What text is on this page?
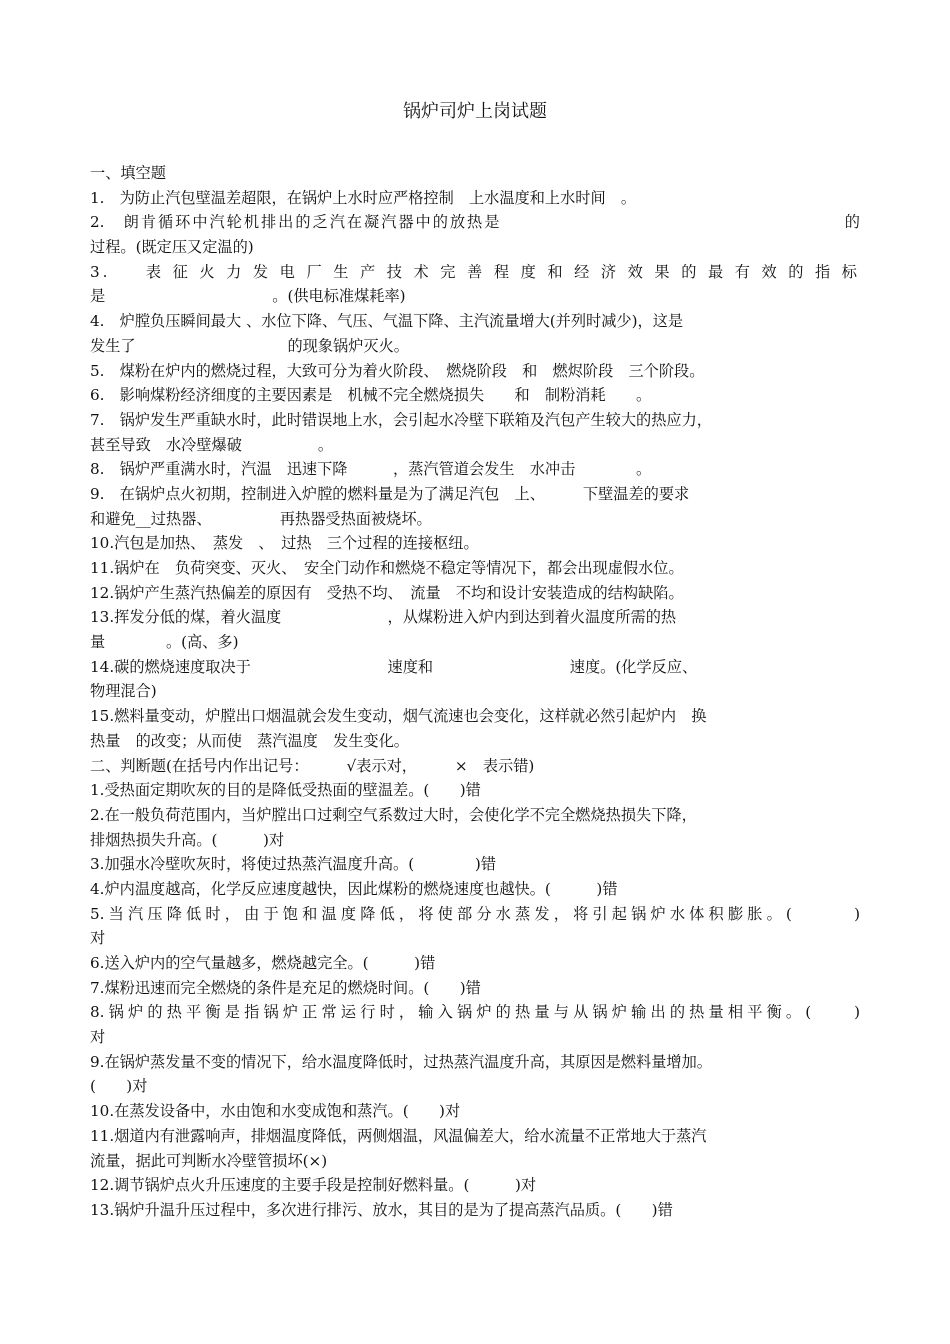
锅炉司炉上岗试题
一、填空题
1.　为防止汽包壁温差超限，在锅炉上水时应严格控制　上水温度和上水时间　。
2.　朗肯循环中汽轮机排出的乏汽在凝汽器中的放热是　　　　　　　　　　　　　　　　　　　　的
过程。(既定压又定温的)
3.　表征火力发电厂生产技术完善程度和经济效果的最有效的指标
是　　　　　　　　　　　。(供电标准煤耗率)
4.　炉膛负压瞬间最大 、水位下降、气压、气温下降、主汽流量增大(并列时减少)，这是
发生了　　　　　　　　　　的现象锅炉灭火。
5.　煤粉在炉内的燃烧过程，大致可分为着火阶段、　燃烧阶段　和　燃烬阶段　三个阶段。
6.　影响煤粉经济细度的主要因素是　机械不完全燃烧损失　　和　制粉消耗　　。
7.　锅炉发生严重缺水时，此时错误地上水，会引起水冷壁下联箱及汽包产生较大的热应力，
甚至导致　水冷壁爆破　　　　　。
8.　锅炉严重满水时，汽温　迅速下降　　　，蒸汽管道会发生　水冲击　　　　。
9.　在锅炉点火初期，控制进入炉膛的燃料量是为了满足汽包　上、　　　下壁温差的要求
和避免__过热器、　　　　　再热器受热面被烧坏。
10.汽包是加热、　蒸发　、　过热　三个过程的连接枢纽。
11.锅炉在　负荷突变、灭火、　安全门动作和燃烧不稳定等情况下，都会出现虚假水位。
12.锅炉产生蒸汽热偏差的原因有　受热不均、　流量　不均和设计安装造成的结构缺陷。
13.挥发分低的煤，着火温度　　　　　　　，从煤粉进入炉内到达到着火温度所需的热
量　　　　。(高、多)
14.碳的燃烧速度取决于　　　　　　　　　速度和　　　　　　　　　速度。(化学反应、
物理混合)
15.燃料量变动，炉膛出口烟温就会发生变动，烟气流速也会变化，这样就必然引起炉内　换
热量　的改变；从而使　蒸汽温度　发生变化。
二、判断题(在括号内作出记号：　　　√表示对，　　　×　表示错)
1.受热面定期吹灰的目的是降低受热面的壁温差。(　　)错
2.在一般负荷范围内，当炉膛出口过剩空气系数过大时，会使化学不完全燃烧热损失下降，
排烟热损失升高。(　　　)对
3.加强水冷壁吹灰时，将使过热蒸汽温度升高。(　　　　)错
4.炉内温度越高，化学反应速度越快，因此煤粉的燃烧速度也越快。(　　　)错
5.当汽压降低时，由于饱和温度降低，将使部分水蒸发，将引起锅炉水体积膨胀。(　　　)
对
6.送入炉内的空气量越多，燃烧越完全。(　　　)错
7.煤粉迅速而完全燃烧的条件是充足的燃烧时间。(　　)错
8.锅炉的热平衡是指锅炉正常运行时，输入锅炉的热量与从锅炉输出的热量相平衡。(　　)
对
9.在锅炉蒸发量不变的情况下，给水温度降低时，过热蒸汽温度升高，其原因是燃料量增加。
(　　)对
10.在蒸发设备中，水由饱和水变成饱和蒸汽。(　　)对
11.烟道内有泄露响声，排烟温度降低，两侧烟温，风温偏差大，给水流量不正常地大于蒸汽
流量，据此可判断水冷壁管损坏(×)
12.调节锅炉点火升压速度的主要手段是控制好燃料量。(　　　)对
13.锅炉升温升压过程中，多次进行排污、放水，其目的是为了提高蒸汽品质。(　　)错
